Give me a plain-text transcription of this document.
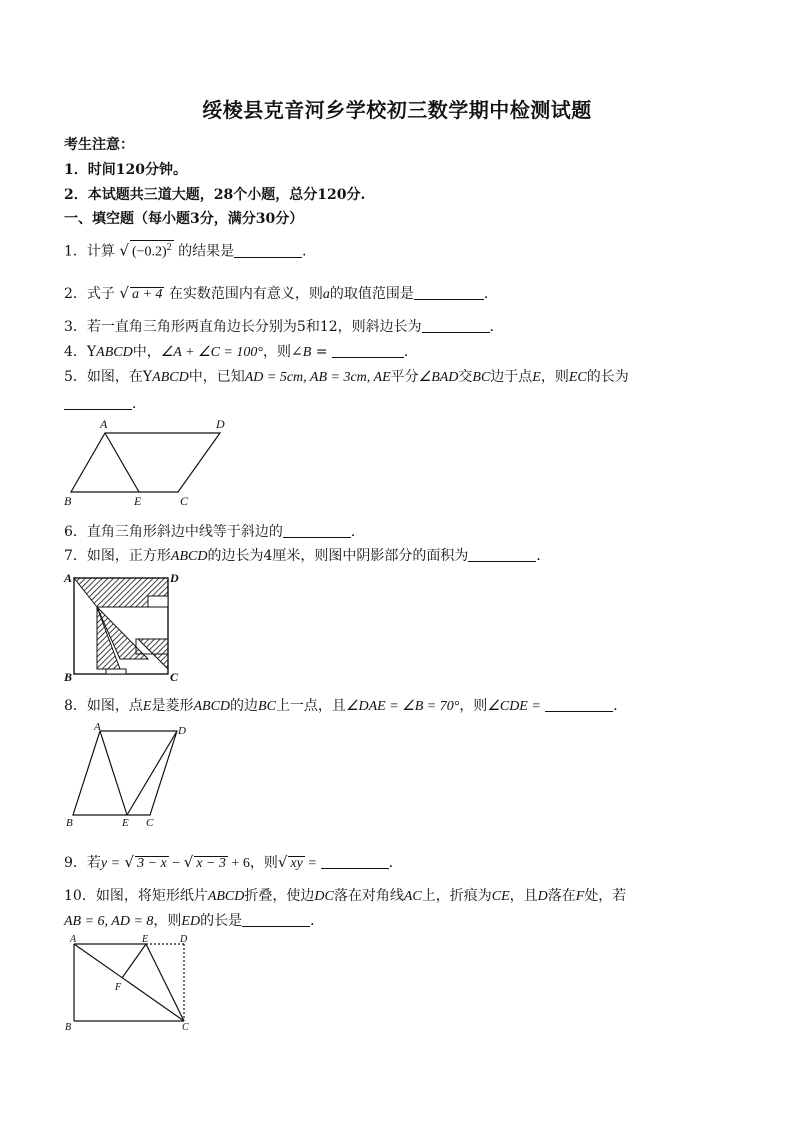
绥棱县克音河乡学校初三数学期中检测试题
考生注意：
1．时间120分钟。
2．本试题共三道大题，28个小题，总分120分.
一、填空题（每小题3分，满分30分）
1．计算 √ $(-0.2)^2$ 的结果是	．
2．式子 √ a + 4 在实数范围内有意义，则a的取值范围是	．
3．若一直角三角形两直角边长分别为5和12，则斜边长为	．
4．YABCD中，∠A + ∠C = 100°，则∠B =	．
5．如图，在YABCD中，已知AD = 5cm, AB = 3cm, AE平分∠BAD交BC边于点E，则EC的长为
．
A	D
B	E	C
6．直角三角形斜边中线等于斜边的	．
7．如图，正方形ABCD的边长为4厘米，则图中阴影部分的面积为	．
A	D
B	C
8．如图，点E是菱形ABCD的边BC上一点，且∠DAE = ∠B = 70°，则∠CDE =	．
A	D
B	E C
9．若y = √ 3 − x − √ x − 3 + 6，则√ xy =	．
10．如图，将矩形纸片ABCD折叠，使边DC落在对角线AC上，折痕为CE，且D落在F处，若
AB = 6, AD = 8，则ED的长是	．
A	E	D
F
B	C
